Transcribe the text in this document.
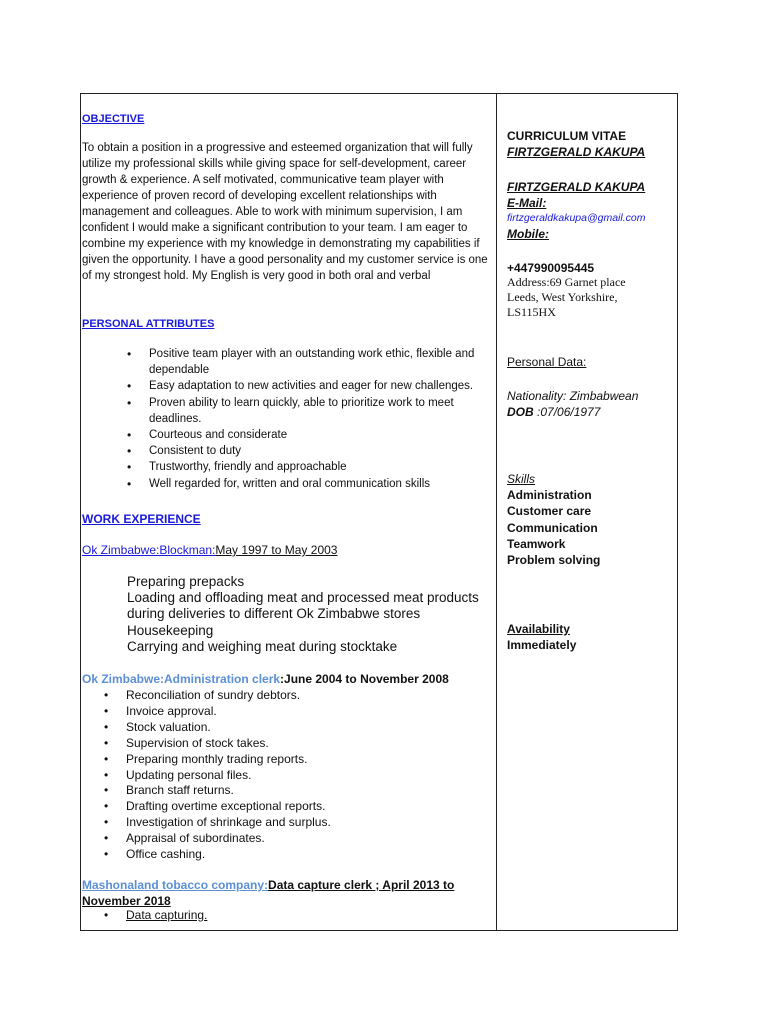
OBJECTIVE
To obtain a position in a progressive and esteemed organization that will fully utilize my professional skills while giving space for self-development, career growth & experience. A self motivated, communicative team player with experience of proven record of developing excellent relationships with management and colleagues. Able to work with minimum supervision, I am confident I would make a significant contribution to your team. I am eager to combine my experience with my knowledge in demonstrating my capabilities if given the opportunity. I have a good personality and my customer service is one of my strongest hold. My English is very good in both oral and verbal
PERSONAL ATTRIBUTES
• Positive team player with an outstanding work ethic, flexible and dependable
• Easy adaptation to new activities and eager for new challenges.
• Proven ability to learn quickly, able to prioritize work to meet deadlines.
• Courteous and considerate
• Consistent to duty
• Trustworthy, friendly and approachable
• Well regarded for, written and oral communication skills
WORK EXPERIENCE
Ok Zimbabwe:Blockman:May 1997 to May 2003
Preparing prepacks
Loading and offloading meat and processed meat products during deliveries to different Ok Zimbabwe stores
Housekeeping
Carrying and weighing meat during stocktake
Ok Zimbabwe:Administration clerk:June 2004 to November 2008
• Reconciliation of sundry debtors.
• Invoice approval.
• Stock valuation.
• Supervision of stock takes.
• Preparing monthly trading reports.
• Updating personal files.
• Branch staff returns.
• Drafting overtime exceptional reports.
• Investigation of shrinkage and surplus.
• Appraisal of subordinates.
• Office cashing.
Mashonaland tobacco company:Data capture clerk ; April 2013 to November 2018
• Data capturing.
CURRICULUM VITAE
FIRTZGERALD KAKUPA
FIRTZGERALD KAKUPA
E-Mail:
firtzgeraldkakupa@gmail.com
Mobile:
+447990095445
Address:69 Garnet place
Leeds, West Yorkshire,
LS115HX
Personal Data:
Nationality: Zimbabwean
DOB :07/06/1977
Skills
Administration
Customer care
Communication
Teamwork
Problem solving
Availability
Immediately
